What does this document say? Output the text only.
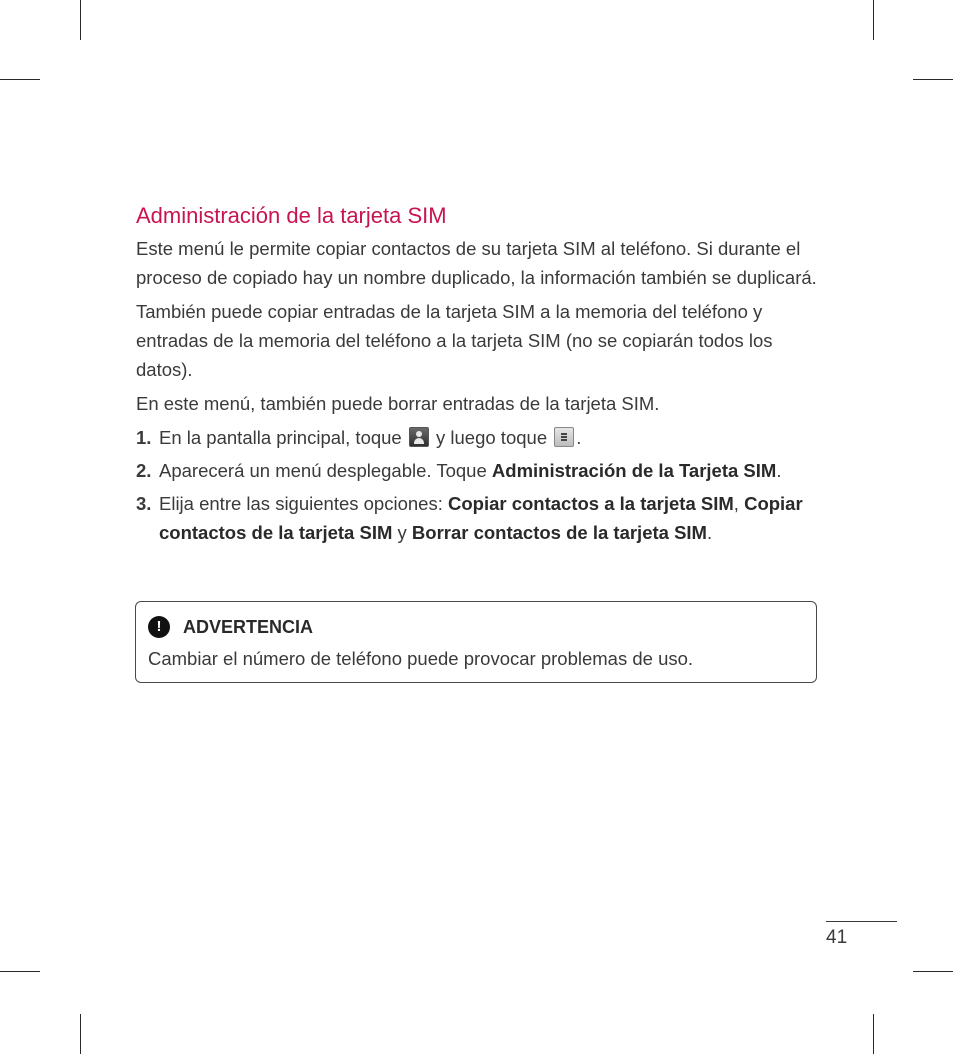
Administración de la tarjeta SIM

Este menú le permite copiar contactos de su tarjeta SIM al teléfono. Si durante el proceso de copiado hay un nombre duplicado, la información también se duplicará.

También puede copiar entradas de la tarjeta SIM a la memoria del teléfono y entradas de la memoria del teléfono a la tarjeta SIM (no se copiarán todos los datos).

En este menú, también puede borrar entradas de la tarjeta SIM.

1. En la pantalla principal, toque y luego toque .
2. Aparecerá un menú desplegable. Toque Administración de la Tarjeta SIM.
3. Elija entre las siguientes opciones: Copiar contactos a la tarjeta SIM, Copiar contactos de la tarjeta SIM y Borrar contactos de la tarjeta SIM.
!	ADVERTENCIA
Cambiar el número de teléfono puede provocar problemas de uso.
41
